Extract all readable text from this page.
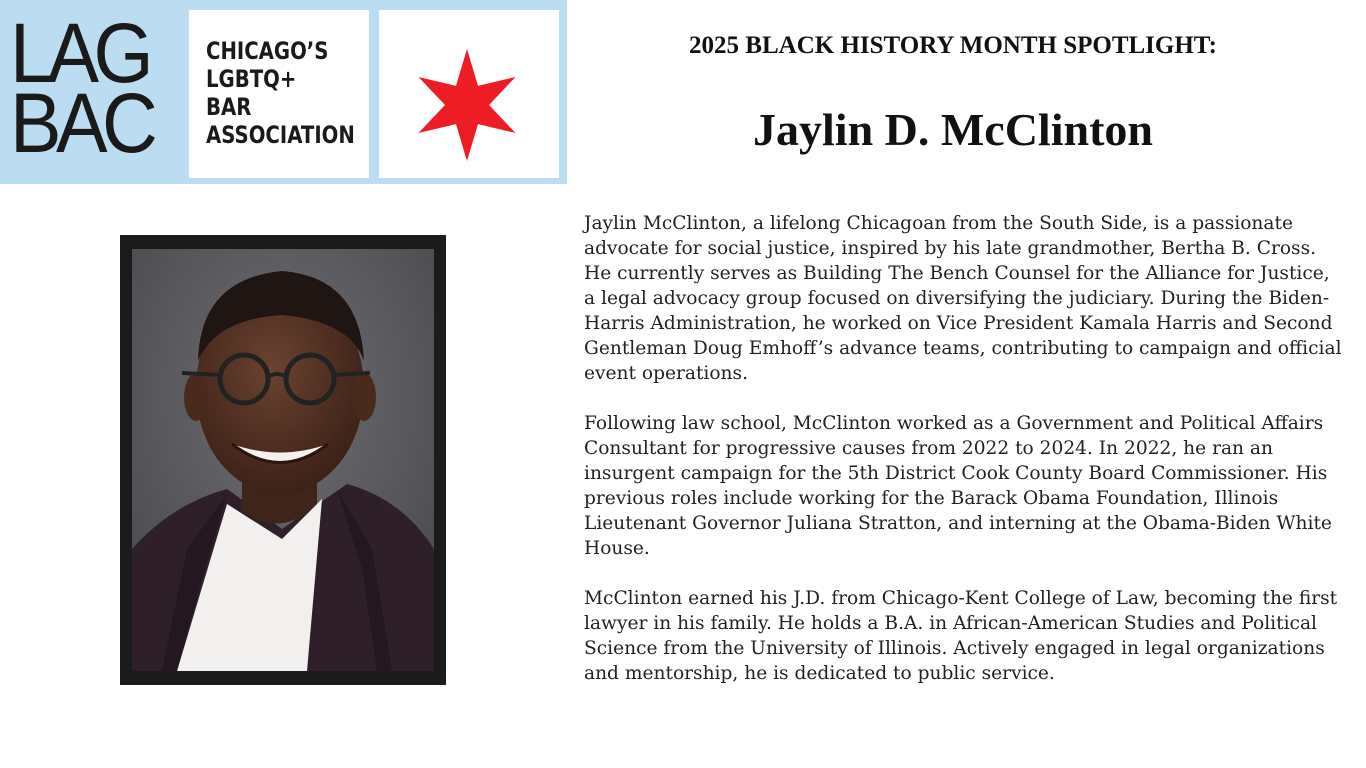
LAG
BAC
CHICAGO’S
LGBTQ+
BAR
ASSOCIATION
2025 BLACK HISTORY MONTH SPOTLIGHT:
Jaylin D. McClinton

Jaylin McClinton, a lifelong Chicagoan from the South Side, is a passionate advocate for social justice, inspired by his late grandmother, Bertha B. Cross. He currently serves as Building The Bench Counsel for the Alliance for Justice, a legal advocacy group focused on diversifying the judiciary. During the Biden-Harris Administration, he worked on Vice President Kamala Harris and Second Gentleman Doug Emhoff’s advance teams, contributing to campaign and official event operations.

Following law school, McClinton worked as a Government and Political Affairs Consultant for progressive causes from 2022 to 2024. In 2022, he ran an insurgent campaign for the 5th District Cook County Board Commissioner. His previous roles include working for the Barack Obama Foundation, Illinois Lieutenant Governor Juliana Stratton, and interning at the Obama-Biden White House.

McClinton earned his J.D. from Chicago-Kent College of Law, becoming the first lawyer in his family. He holds a B.A. in African-American Studies and Political Science from the University of Illinois. Actively engaged in legal organizations and mentorship, he is dedicated to public service.
